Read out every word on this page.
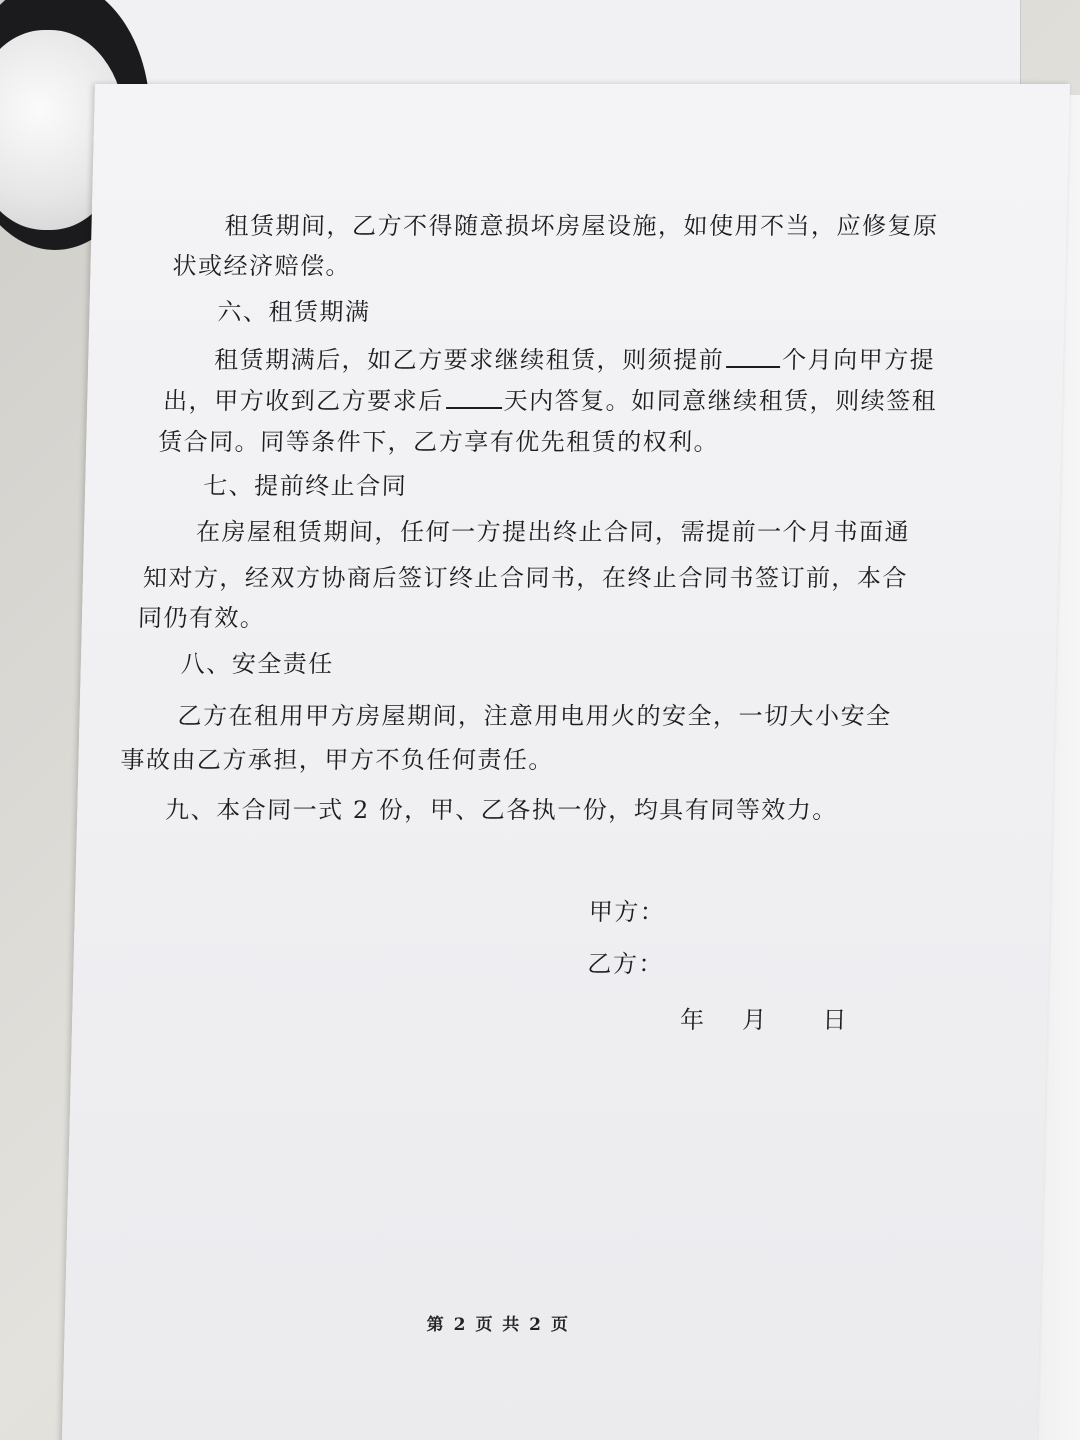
租赁期间，乙方不得随意损坏房屋设施，如使用不当，应修复原
状或经济赔偿。
六、租赁期满
租赁期满后，如乙方要求继续租赁，则须提前 个月向甲方提
出，甲方收到乙方要求后 天内答复。如同意继续租赁，则续签租
赁合同。同等条件下，乙方享有优先租赁的权利。
七、提前终止合同
在房屋租赁期间，任何一方提出终止合同，需提前一个月书面通
知对方，经双方协商后签订终止合同书，在终止合同书签订前，本合
同仍有效。
八、安全责任
乙方在租用甲方房屋期间，注意用电用火的安全，一切大小安全
事故由乙方承担，甲方不负任何责任。
九、本合同一式 2 份，甲、乙各执一份，均具有同等效力。
甲方：
乙方：
年    月      日
第 2 页 共 2 页
